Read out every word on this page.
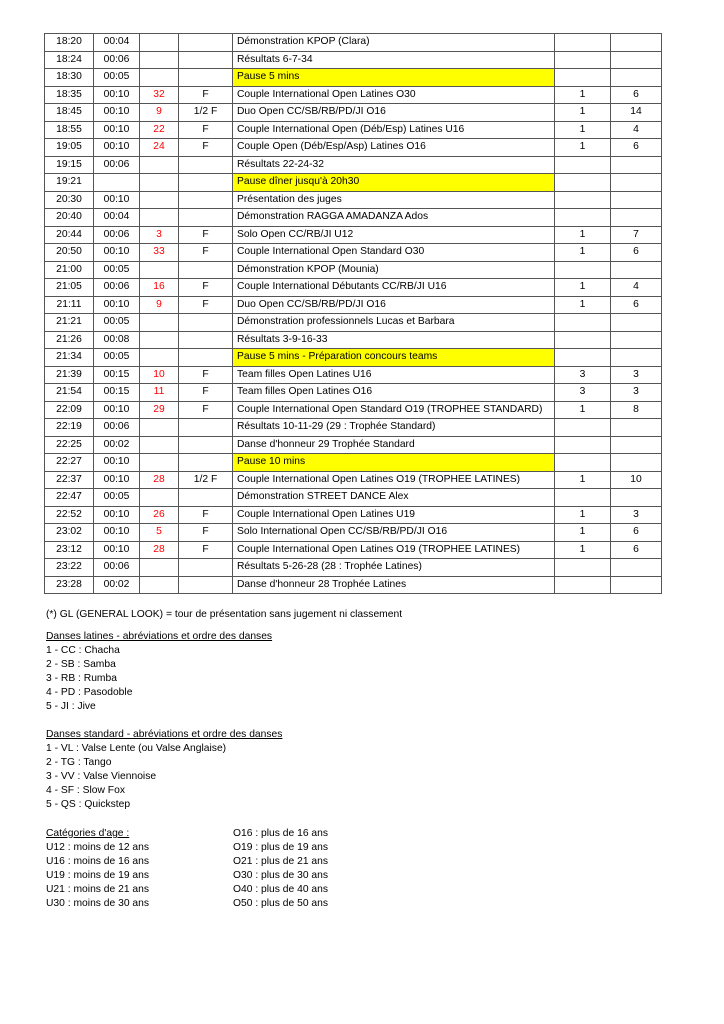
18:20	00:04			Démonstration KPOP (Clara)		
18:24	00:06			Résultats 6-7-34		
18:30	00:05			Pause 5 mins		
18:35	00:10	32	F	Couple International Open Latines O30	1	6
18:45	00:10	9	1/2 F	Duo Open CC/SB/RB/PD/JI O16	1	14
18:55	00:10	22	F	Couple International Open (Déb/Esp) Latines U16	1	4
19:05	00:10	24	F	Couple Open (Déb/Esp/Asp) Latines O16	1	6
19:15	00:06			Résultats 22-24-32		
19:21				Pause dîner jusqu'à 20h30		
20:30	00:10			Présentation des juges		
20:40	00:04			Démonstration RAGGA AMADANZA Ados		
20:44	00:06	3	F	Solo Open CC/RB/JI U12	1	7
20:50	00:10	33	F	Couple International Open Standard O30	1	6
21:00	00:05			Démonstration KPOP (Mounia)		
21:05	00:06	16	F	Couple International Débutants CC/RB/JI U16	1	4
21:11	00:10	9	F	Duo Open CC/SB/RB/PD/JI O16	1	6
21:21	00:05			Démonstration professionnels Lucas et Barbara		
21:26	00:08			Résultats 3-9-16-33		
21:34	00:05			Pause 5 mins - Préparation concours teams		
21:39	00:15	10	F	Team filles Open Latines U16	3	3
21:54	00:15	11	F	Team filles Open Latines O16	3	3
22:09	00:10	29	F	Couple International Open Standard O19 (TROPHEE STANDARD)	1	8
22:19	00:06			Résultats 10-11-29 (29 : Trophée Standard)		
22:25	00:02			Danse d'honneur 29 Trophée Standard		
22:27	00:10			Pause 10 mins		
22:37	00:10	28	1/2 F	Couple International Open Latines O19 (TROPHEE LATINES)	1	10
22:47	00:05			Démonstration STREET DANCE Alex		
22:52	00:10	26	F	Couple International Open Latines U19	1	3
23:02	00:10	5	F	Solo International Open CC/SB/RB/PD/JI O16	1	6
23:12	00:10	28	F	Couple International Open Latines O19 (TROPHEE LATINES)	1	6
23:22	00:06			Résultats 5-26-28 (28 : Trophée Latines)		
23:28	00:02			Danse d'honneur 28 Trophée Latines		
(*) GL (GENERAL LOOK) = tour de présentation sans jugement ni classement
Danses latines - abréviations et ordre des danses
1 - CC : Chacha
2 - SB : Samba
3 - RB : Rumba
4 - PD : Pasodoble
5 - JI : Jive
Danses standard - abréviations et ordre des danses
1 - VL : Valse Lente (ou Valse Anglaise)
2 - TG : Tango
3 - VV : Valse Viennoise
4 - SF : Slow Fox
5 - QS : Quickstep
Catégories d'age :
U12 : moins de 12 ans
U16 : moins de 16 ans
U19 : moins de 19 ans
U21 : moins de 21 ans
U30 : moins de 30 ans
O16 : plus de 16 ans
O19 : plus de 19 ans
O21 : plus de 21 ans
O30 : plus de 30 ans
O40 : plus de 40 ans
O50 : plus de 50 ans
